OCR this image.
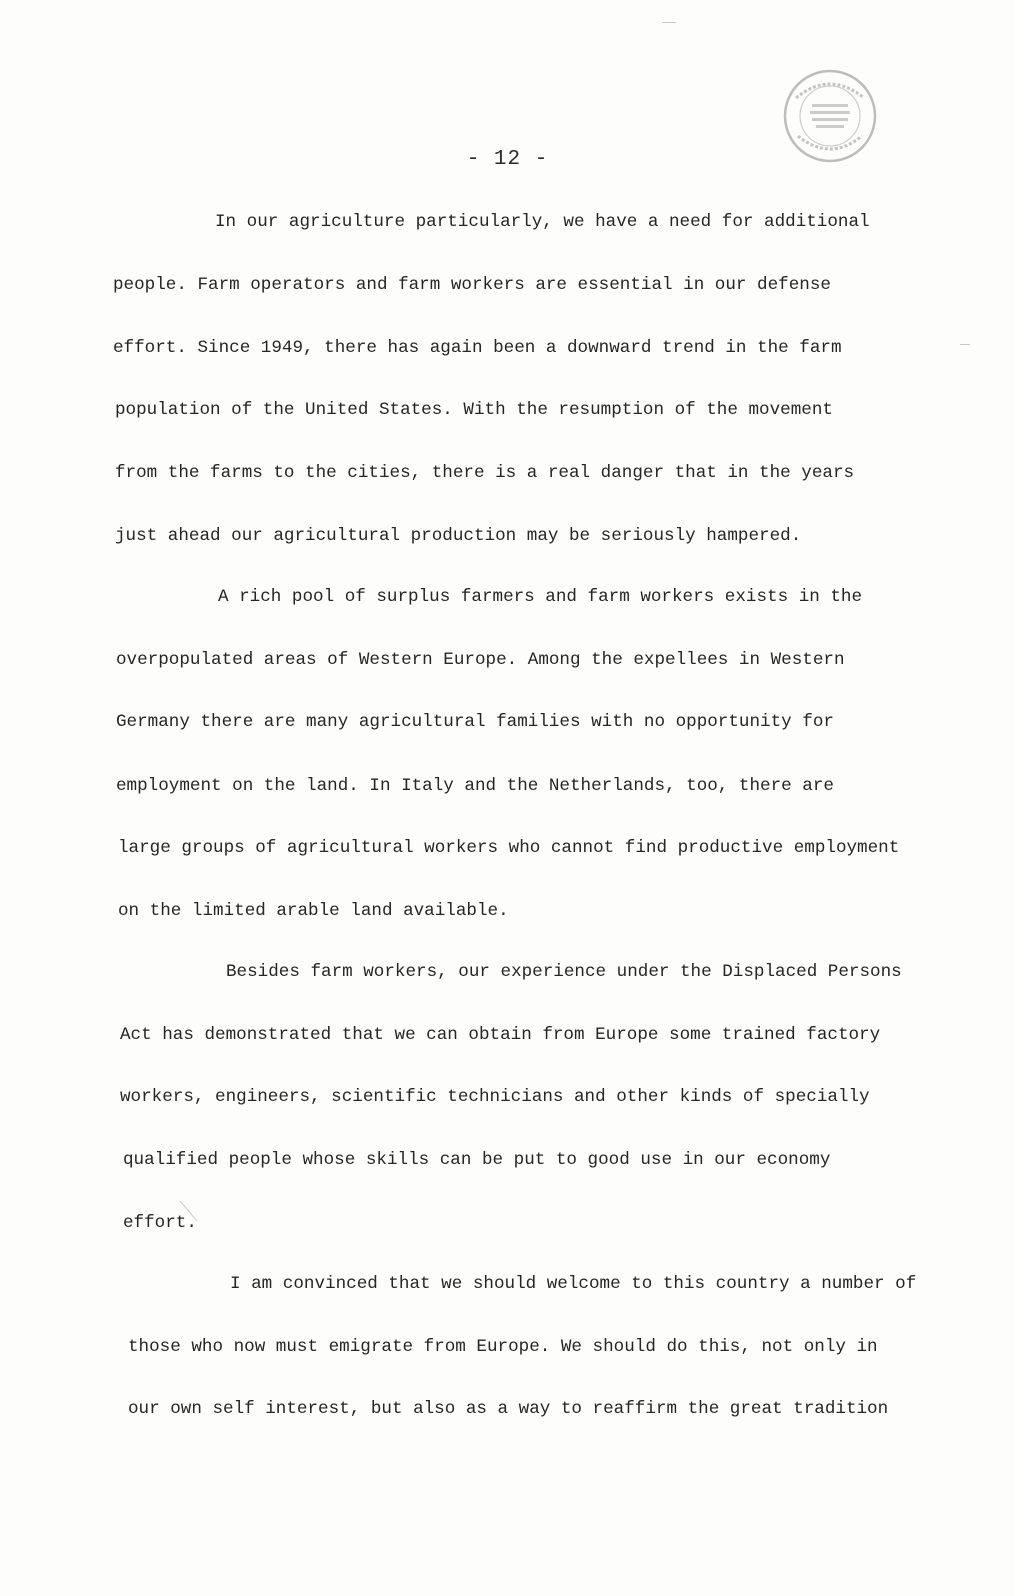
- 12 -
In our agriculture particularly, we have a need for additional
people. Farm operators and farm workers are essential in our defense
effort. Since 1949, there has again been a downward trend in the farm
population of the United States. With the resumption of the movement
from the farms to the cities, there is a real danger that in the years
just ahead our agricultural production may be seriously hampered.
A rich pool of surplus farmers and farm workers exists in the
overpopulated areas of Western Europe. Among the expellees in Western
Germany there are many agricultural families with no opportunity for
employment on the land. In Italy and the Netherlands, too, there are
large groups of agricultural workers who cannot find productive employment
on the limited arable land available.
Besides farm workers, our experience under the Displaced Persons
Act has demonstrated that we can obtain from Europe some trained factory
workers, engineers, scientific technicians and other kinds of specially
qualified people whose skills can be put to good use in our economy
effort.
I am convinced that we should welcome to this country a number of
those who now must emigrate from Europe. We should do this, not only in
our own self interest, but also as a way to reaffirm the great tradition
